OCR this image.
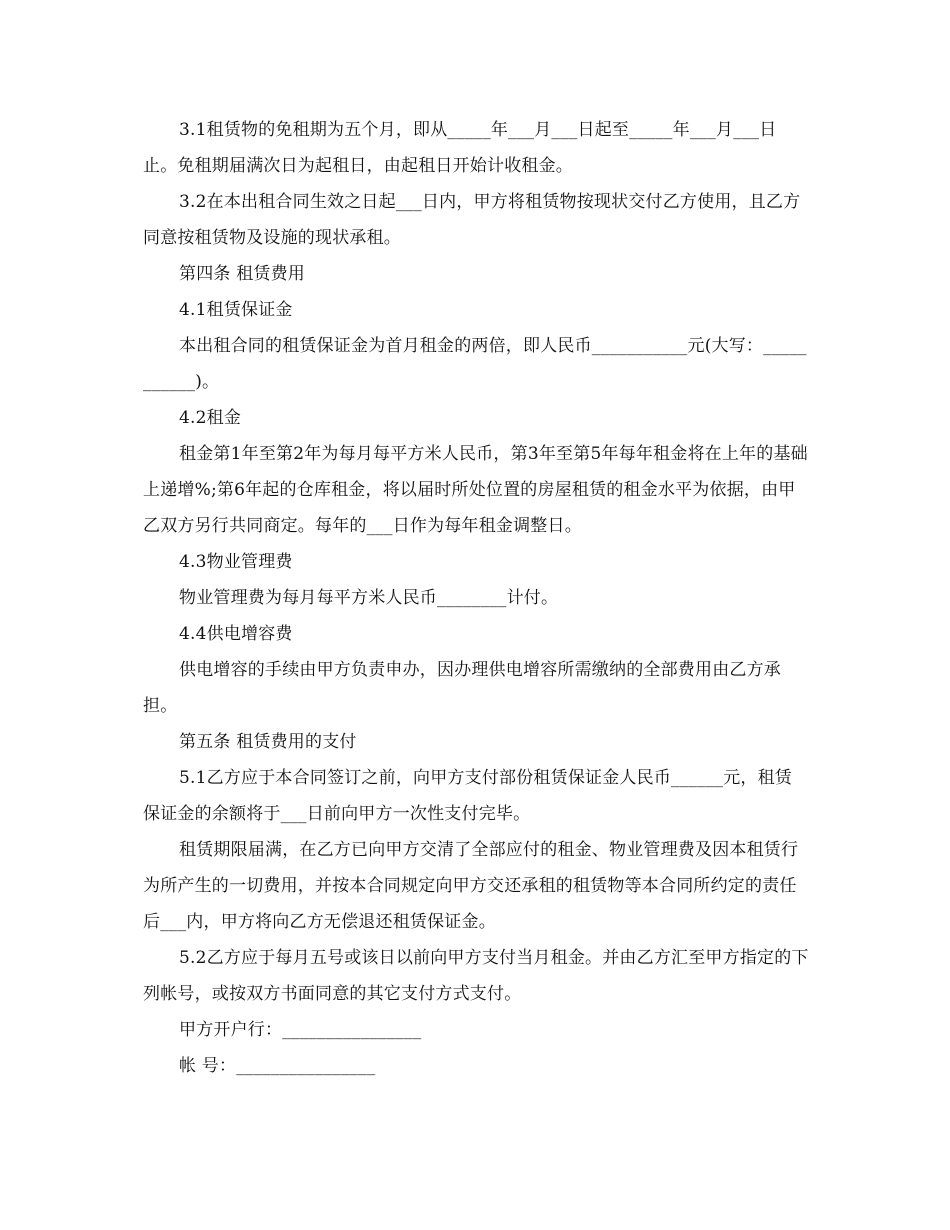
3.1租赁物的免租期为五个月，即从_____年___月___日起至_____年___月___日止。免租期届满次日为起租日，由起租日开始计收租金。

3.2在本出租合同生效之日起___日内，甲方将租赁物按现状交付乙方使用，且乙方同意按租赁物及设施的现状承租。

第四条 租赁费用

4.1租赁保证金

本出租合同的租赁保证金为首月租金的两倍，即人民币___________元(大写：___________)。

4.2租金

租金第1年至第2年为每月每平方米人民币，第3年至第5年每年租金将在上年的基础上递增%;第6年起的仓库租金，将以届时所处位置的房屋租赁的租金水平为依据，由甲乙双方另行共同商定。每年的___日作为每年租金调整日。

4.3物业管理费

物业管理费为每月每平方米人民币________计付。

4.4供电增容费

供电增容的手续由甲方负责申办，因办理供电增容所需缴纳的全部费用由乙方承担。

第五条 租赁费用的支付

5.1乙方应于本合同签订之前，向甲方支付部份租赁保证金人民币______元，租赁保证金的余额将于___日前向甲方一次性支付完毕。

租赁期限届满，在乙方已向甲方交清了全部应付的租金、物业管理费及因本租赁行为所产生的一切费用，并按本合同规定向甲方交还承租的租赁物等本合同所约定的责任后___内，甲方将向乙方无偿退还租赁保证金。

5.2乙方应于每月五号或该日以前向甲方支付当月租金。并由乙方汇至甲方指定的下列帐号，或按双方书面同意的其它支付方式支付。

甲方开户行：________________

帐 号：________________
